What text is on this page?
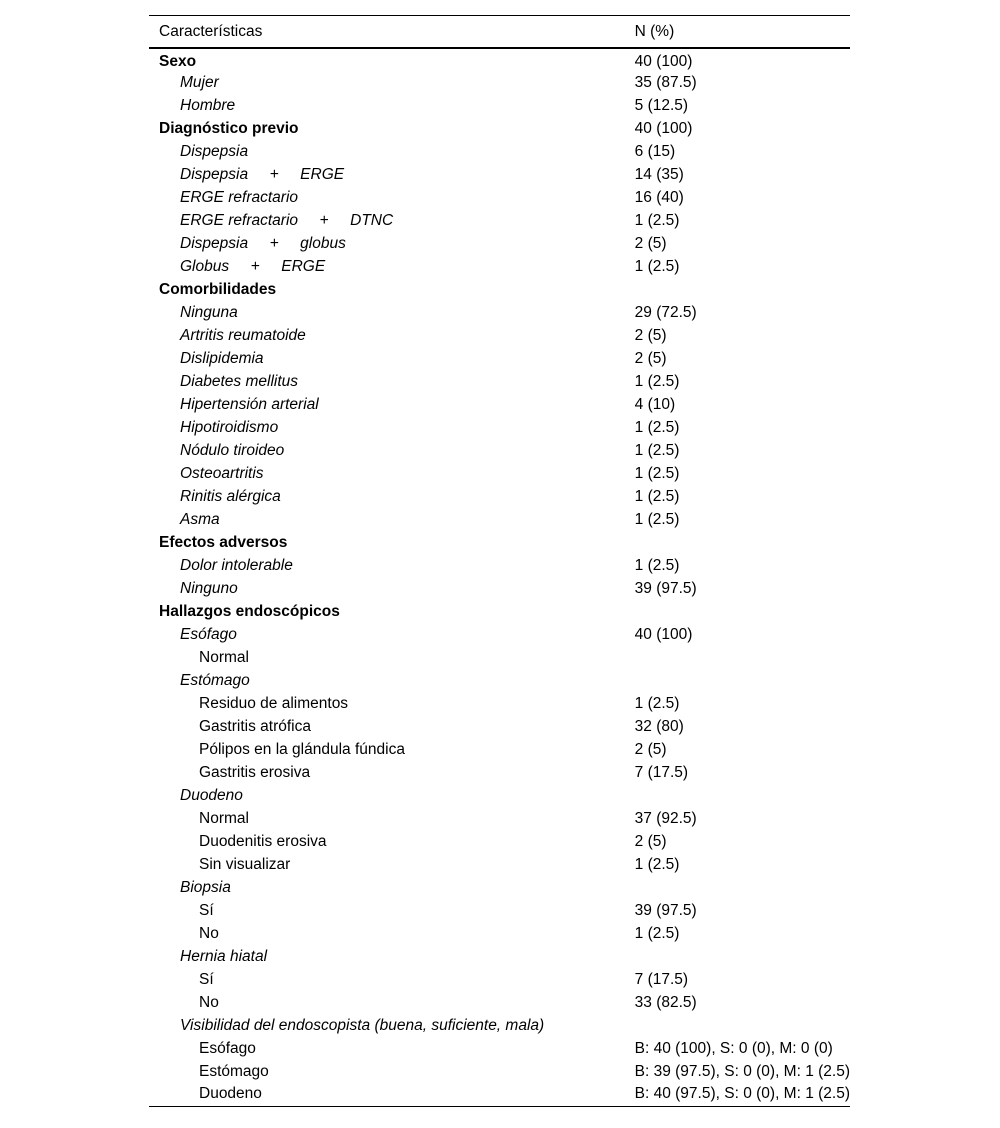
Características	N (%)
Sexo	40 (100)
Mujer	35 (87.5)
Hombre	5 (12.5)
Diagnóstico previo	40 (100)
Dispepsia	6 (15)
Dispepsia     +     ERGE	14 (35)
ERGE refractario	16 (40)
ERGE refractario     +     DTNC	1 (2.5)
Dispepsia     +     globus	2 (5)
Globus     +     ERGE	1 (2.5)
Comorbilidades	
Ninguna	29 (72.5)
Artritis reumatoide	2 (5)
Dislipidemia	2 (5)
Diabetes mellitus	1 (2.5)
Hipertensión arterial	4 (10)
Hipotiroidismo	1 (2.5)
Nódulo tiroideo	1 (2.5)
Osteoartritis	1 (2.5)
Rinitis alérgica	1 (2.5)
Asma	1 (2.5)
Efectos adversos	
Dolor intolerable	1 (2.5)
Ninguno	39 (97.5)
Hallazgos endoscópicos	
Esófago	40 (100)
Normal	
Estómago	
Residuo de alimentos	1 (2.5)
Gastritis atrófica	32 (80)
Pólipos en la glándula fúndica	2 (5)
Gastritis erosiva	7 (17.5)
Duodeno	
Normal	37 (92.5)
Duodenitis erosiva	2 (5)
Sin visualizar	1 (2.5)
Biopsia	
Sí	39 (97.5)
No	1 (2.5)
Hernia hiatal	
Sí	7 (17.5)
No	33 (82.5)
Visibilidad del endoscopista (buena, suficiente, mala)	
Esófago	B: 40 (100), S: 0 (0), M: 0 (0)
Estómago	B: 39 (97.5), S: 0 (0), M: 1 (2.5)
Duodeno	B: 40 (97.5), S: 0 (0), M: 1 (2.5)
